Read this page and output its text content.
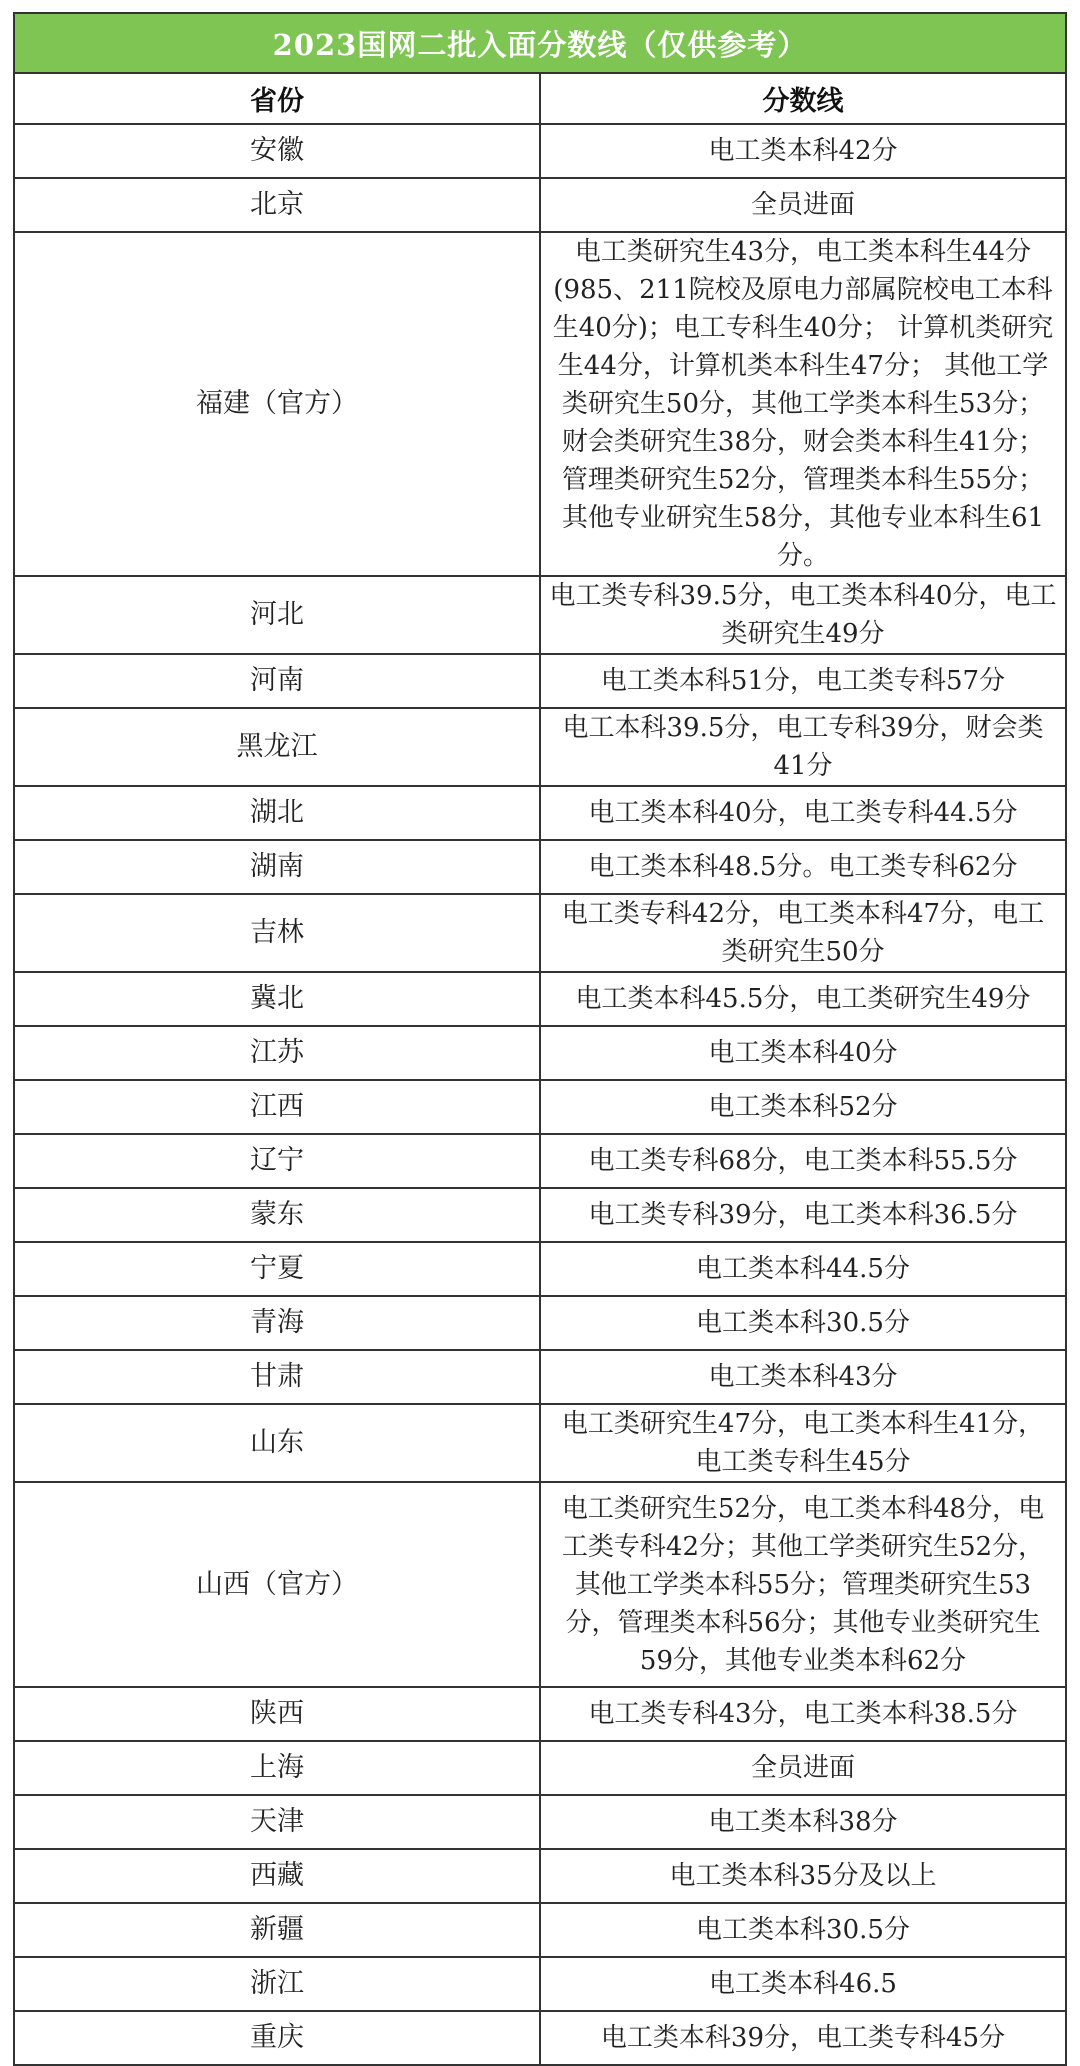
2023国网二批入面分数线（仅供参考）	
省份	分数线
安徽	电工类本科42分
北京	全员进面
福建（官方）	电工类研究生43分，电工类本科生44分(985、211院校及原电力部属院校电工本科生40分)；电工专科生40分； 计算机类研究生44分，计算机类本科生47分； 其他工学类研究生50分，其他工学类本科生53分；财会类研究生38分，财会类本科生41分； 管理类研究生52分，管理类本科生55分； 其他专业研究生58分，其他专业本科生61分。
河北	电工类专科39.5分，电工类本科40分，电工类研究生49分
河南	电工类本科51分，电工类专科57分
黑龙江	电工本科39.5分，电工专科39分，财会类41分
湖北	电工类本科40分，电工类专科44.5分
湖南	电工类本科48.5分。电工类专科62分
吉林	电工类专科42分，电工类本科47分，电工类研究生50分
冀北	电工类本科45.5分，电工类研究生49分
江苏	电工类本科40分
江西	电工类本科52分
辽宁	电工类专科68分，电工类本科55.5分
蒙东	电工类专科39分，电工类本科36.5分
宁夏	电工类本科44.5分
青海	电工类本科30.5分
甘肃	电工类本科43分
山东	电工类研究生47分，电工类本科生41分，电工类专科生45分
山西（官方）	电工类研究生52分，电工类本科48分，电工类专科42分；其他工学类研究生52分，其他工学类本科55分；管理类研究生53分，管理类本科56分；其他专业类研究生59分，其他专业类本科62分
陕西	电工类专科43分，电工类本科38.5分
上海	全员进面
天津	电工类本科38分
西藏	电工类本科35分及以上
新疆	电工类本科30.5分
浙江	电工类本科46.5
重庆	电工类本科39分，电工类专科45分
